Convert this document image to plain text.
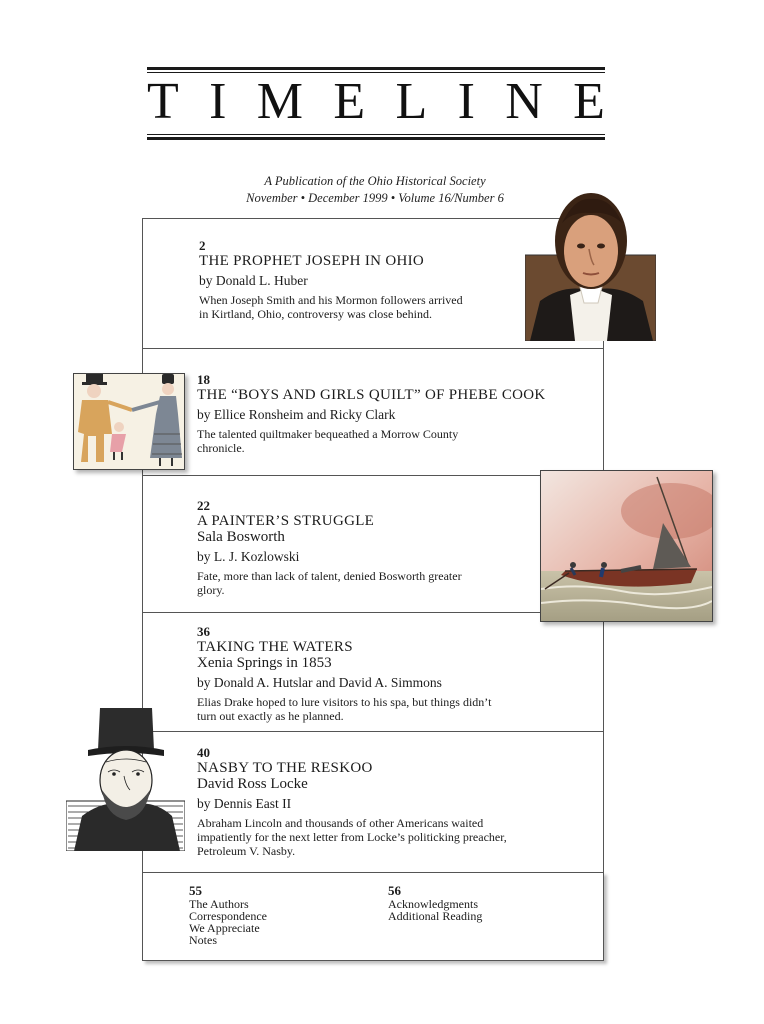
T I M E L I N E
A Publication of the Ohio Historical Society
November • December 1999 • Volume 16/Number 6
2
THE PROPHET JOSEPH IN OHIO
by Donald L. Huber
When Joseph Smith and his Mormon followers arrived
in Kirtland, Ohio, controversy was close behind.
18
THE “BOYS AND GIRLS QUILT” OF PHEBE COOK
by Ellice Ronsheim and Ricky Clark
The talented quiltmaker bequeathed a Morrow County
chronicle.
22
A PAINTER’S STRUGGLE
Sala Bosworth
by L. J. Kozlowski
Fate, more than lack of talent, denied Bosworth greater
glory.
36
TAKING THE WATERS
Xenia Springs in 1853
by Donald A. Hutslar and David A. Simmons
Elias Drake hoped to lure visitors to his spa, but things didn’t
turn out exactly as he planned.
40
NASBY TO THE RESKOO
David Ross Locke
by Dennis East II
Abraham Lincoln and thousands of other Americans waited
impatiently for the next letter from Locke’s politicking preacher,
Petroleum V. Nasby.
55
The Authors
Correspondence
We Appreciate
Notes
56
Acknowledgments
Additional Reading
